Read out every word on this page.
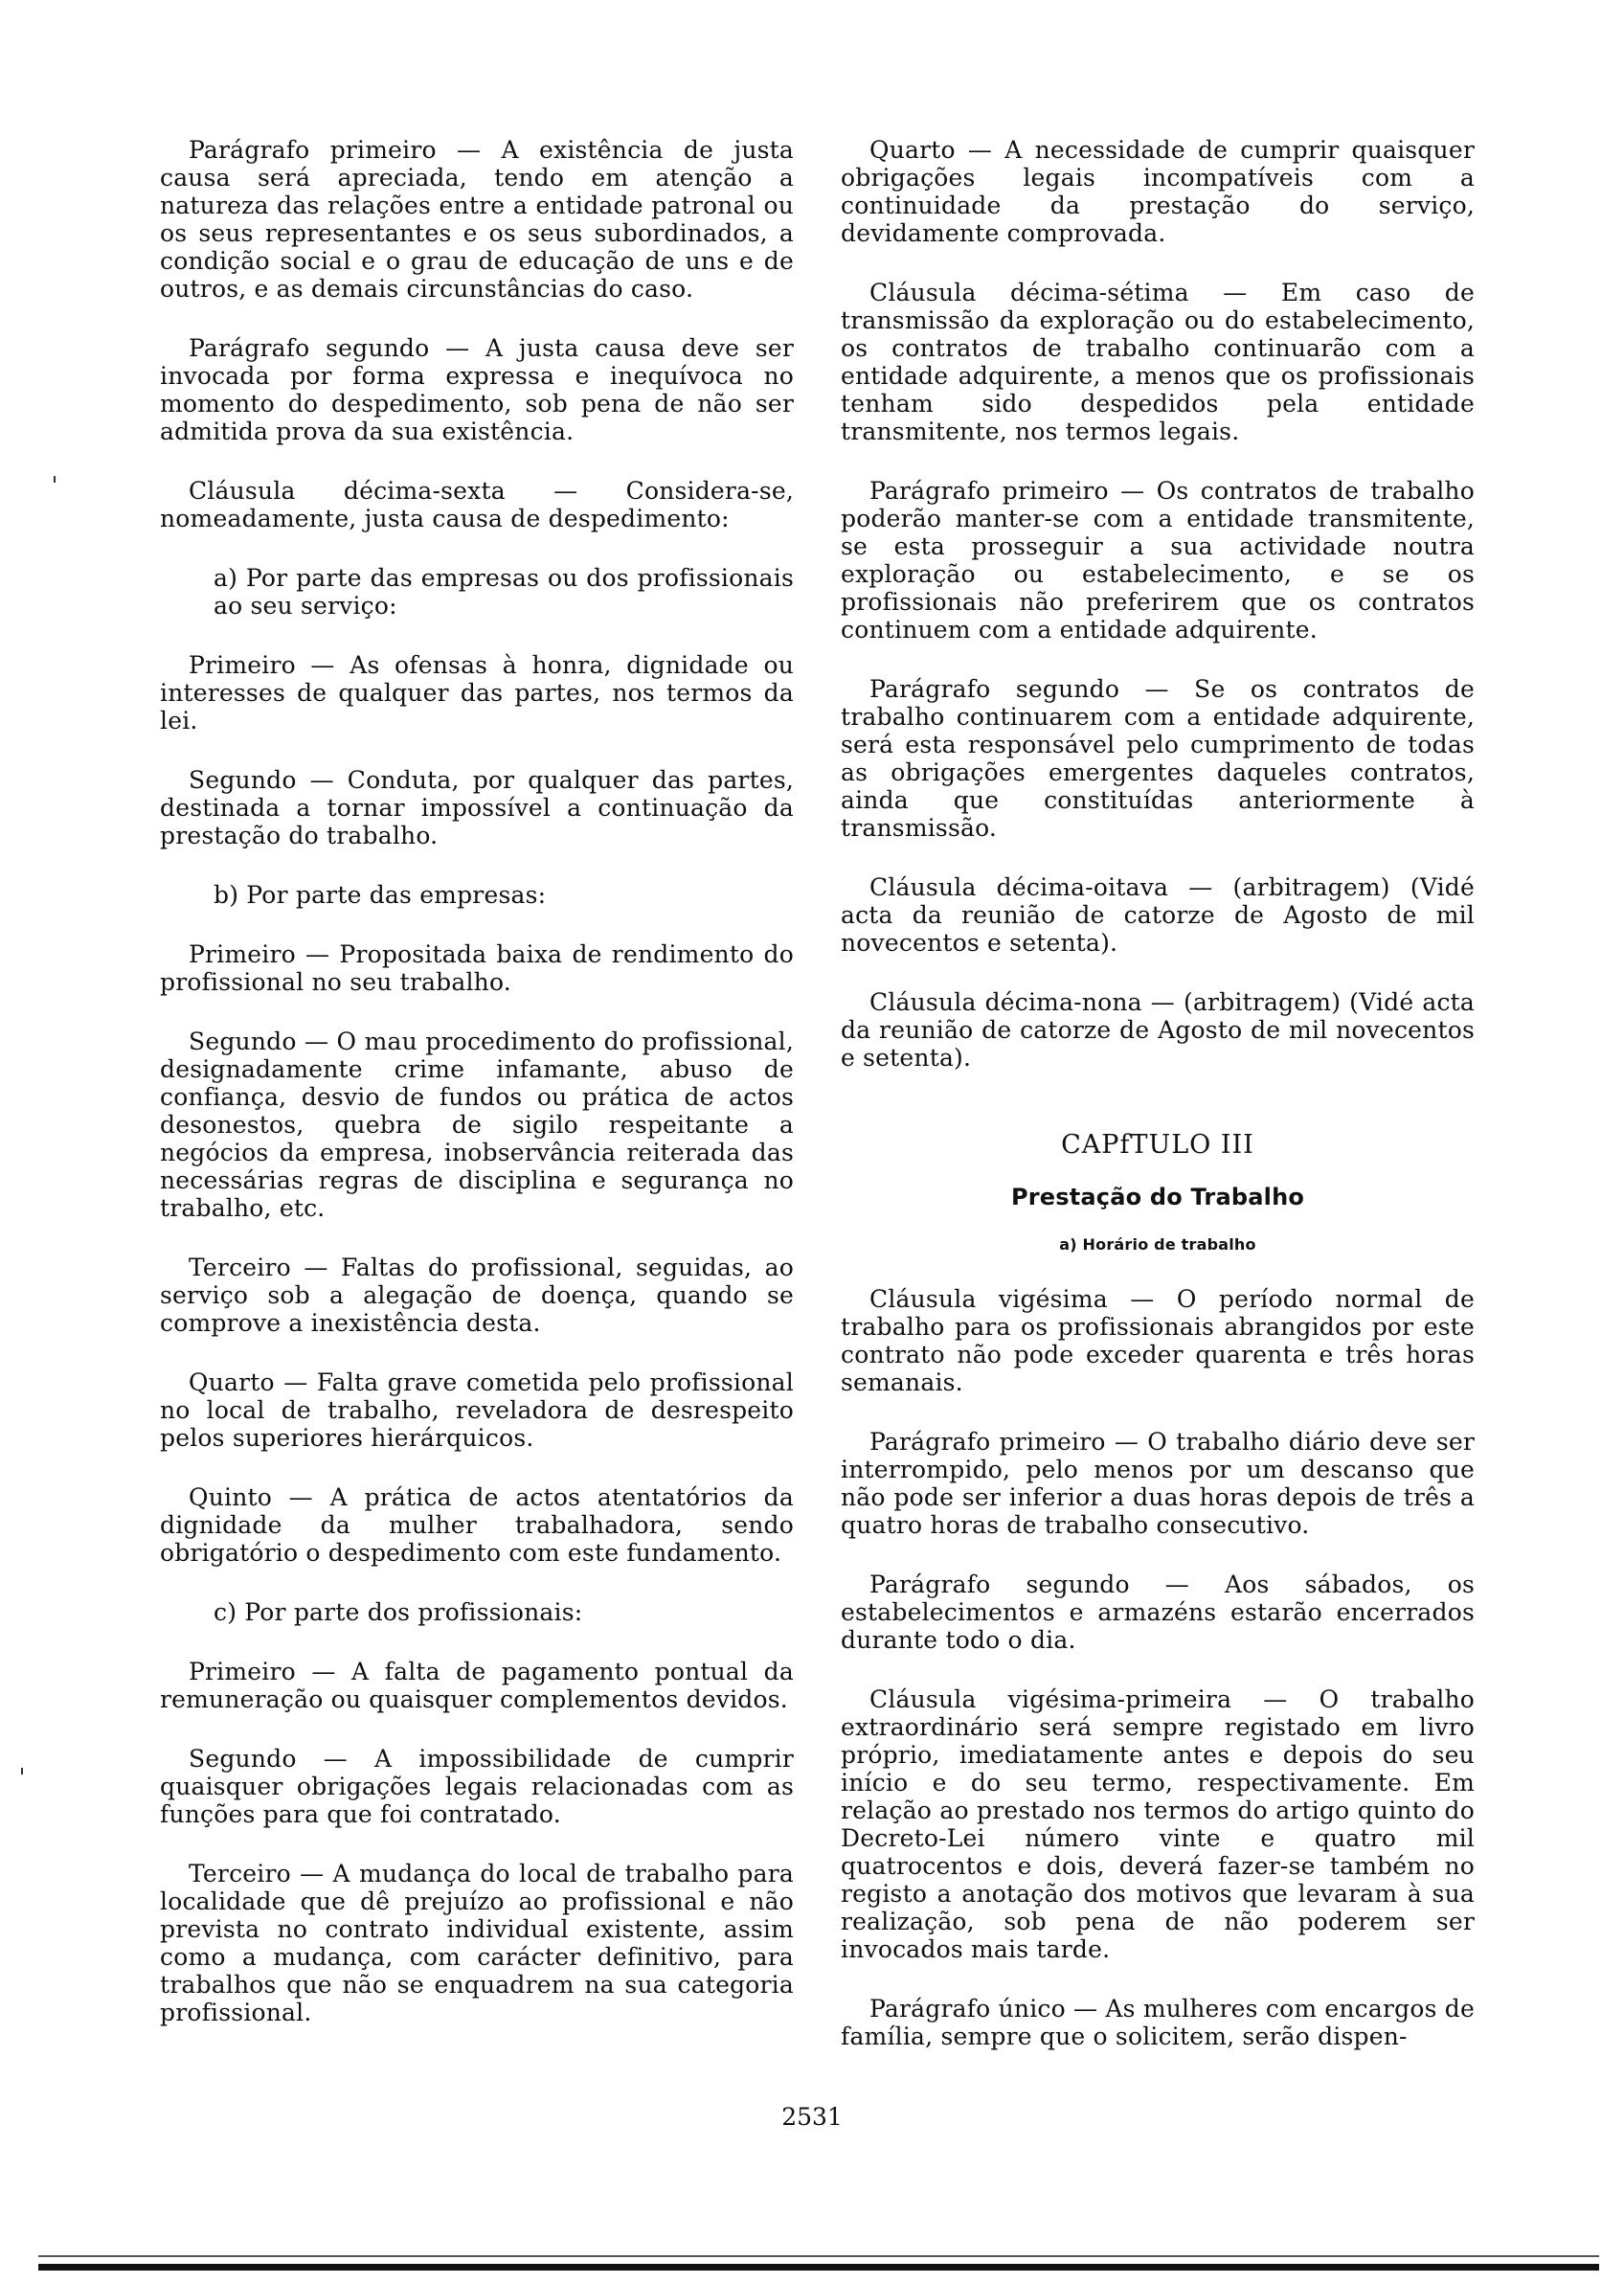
Parágrafo primeiro — A existência de justa causa será apreciada, tendo em atenção a natureza das relações entre a entidade patronal ou os seus representantes e os seus subordinados, a condição social e o grau de educação de uns e de outros, e as demais circunstâncias do caso.

Parágrafo segundo — A justa causa deve ser invocada por forma expressa e inequívoca no momento do despedimento, sob pena de não ser admitida prova da sua existência.

Cláusula décima-sexta — Considera-se, nomeadamente, justa causa de despedimento:

a) Por parte das empresas ou dos profissionais ao seu serviço:

Primeiro — As ofensas à honra, dignidade ou interesses de qualquer das partes, nos termos da lei.

Segundo — Conduta, por qualquer das partes, destinada a tornar impossível a continuação da prestação do trabalho.

b) Por parte das empresas:

Primeiro — Propositada baixa de rendimento do profissional no seu trabalho.

Segundo — O mau procedimento do profissional, designadamente crime infamante, abuso de confiança, desvio de fundos ou prática de actos desonestos, quebra de sigilo respeitante a negócios da empresa, inobservância reiterada das necessárias regras de disciplina e segurança no trabalho, etc.

Terceiro — Faltas do profissional, seguidas, ao serviço sob a alegação de doença, quando se comprove a inexistência desta.

Quarto — Falta grave cometida pelo profissional no local de trabalho, reveladora de desrespeito pelos superiores hierárquicos.

Quinto — A prática de actos atentatórios da dignidade da mulher trabalhadora, sendo obrigatório o despedimento com este fundamento.

c) Por parte dos profissionais:

Primeiro — A falta de pagamento pontual da remuneração ou quaisquer complementos devidos.

Segundo — A impossibilidade de cumprir quaisquer obrigações legais relacionadas com as funções para que foi contratado.

Terceiro — A mudança do local de trabalho para localidade que dê prejuízo ao profissional e não prevista no contrato individual existente, assim como a mudança, com carácter definitivo, para trabalhos que não se enquadrem na sua categoria profissional.

Quarto — A necessidade de cumprir quaisquer obrigações legais incompatíveis com a continuidade da prestação do serviço, devidamente comprovada.

Cláusula décima-sétima — Em caso de transmissão da exploração ou do estabelecimento, os contratos de trabalho continuarão com a entidade adquirente, a menos que os profissionais tenham sido despedidos pela entidade transmitente, nos termos legais.

Parágrafo primeiro — Os contratos de trabalho poderão manter-se com a entidade transmitente, se esta prosseguir a sua actividade noutra exploração ou estabelecimento, e se os profissionais não preferirem que os contratos continuem com a entidade adquirente.

Parágrafo segundo — Se os contratos de trabalho continuarem com a entidade adquirente, será esta responsável pelo cumprimento de todas as obrigações emergentes daqueles contratos, ainda que constituídas anteriormente à transmissão.

Cláusula décima-oitava — (arbitragem) (Vidé acta da reunião de catorze de Agosto de mil novecentos e setenta).

Cláusula décima-nona — (arbitragem) (Vidé acta da reunião de catorze de Agosto de mil novecentos e setenta).

CAPfTULO III
Prestação do Trabalho
a) Horário de trabalho

Cláusula vigésima — O período normal de trabalho para os profissionais abrangidos por este contrato não pode exceder quarenta e três horas semanais.

Parágrafo primeiro — O trabalho diário deve ser interrompido, pelo menos por um descanso que não pode ser inferior a duas horas depois de três a quatro horas de trabalho consecutivo.

Parágrafo segundo — Aos sábados, os estabelecimentos e armazéns estarão encerrados durante todo o dia.

Cláusula vigésima-primeira — O trabalho extraordinário será sempre registado em livro próprio, imediatamente antes e depois do seu início e do seu termo, respectivamente. Em relação ao prestado nos termos do artigo quinto do Decreto-Lei número vinte e quatro mil quatrocentos e dois, deverá fazer-se também no registo a anotação dos motivos que levaram à sua realização, sob pena de não poderem ser invocados mais tarde.

Parágrafo único — As mulheres com encargos de família, sempre que o solicitem, serão dispen-

2531
